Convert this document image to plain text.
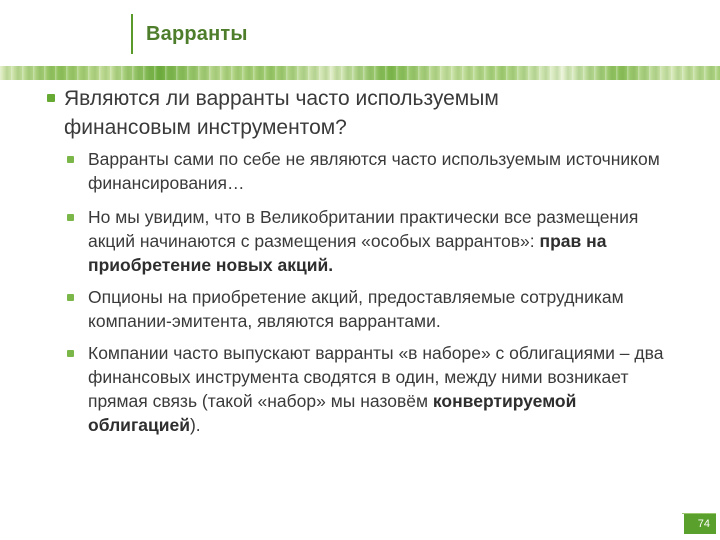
Варранты
Являются ли варранты часто используемым финансовым инструментом?
Варранты сами по себе не являются часто используемым источником финансирования…
Но мы увидим, что в Великобритании практически все размещения акций начинаются с размещения «особых варрантов»: прав на приобретение новых акций.
Опционы на приобретение акций, предоставляемые сотрудникам компании-эмитента, являются варрантами.
Компании часто выпускают варранты «в наборе» с облигациями – два финансовых инструмента сводятся в один, между ними возникает прямая связь (такой «набор» мы назовём конвертируемой облигацией).
74
